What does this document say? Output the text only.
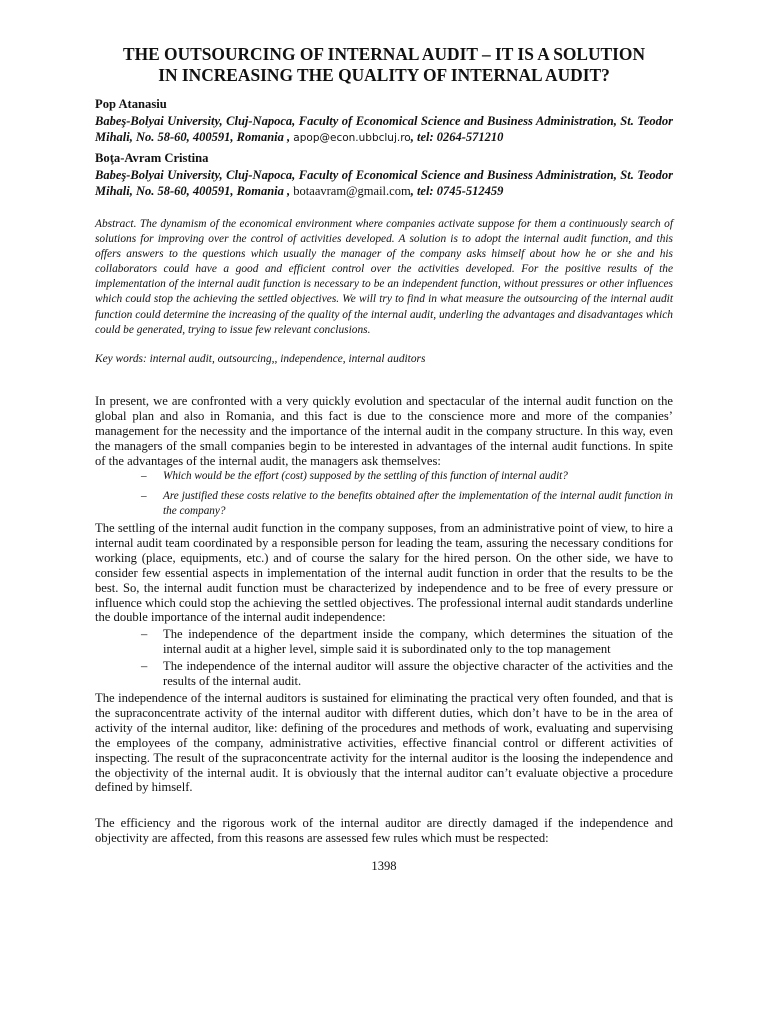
THE OUTSOURCING OF INTERNAL AUDIT – IT IS A SOLUTION
IN INCREASING THE QUALITY OF INTERNAL AUDIT?

Pop Atanasiu

Babeş-Bolyai University, Cluj-Napoca, Faculty of Economical Science and Business Administration, St. Teodor Mihali, No. 58-60, 400591, Romania , apop@econ.ubbcluj.ro, tel: 0264-571210

Boţa-Avram Cristina

Babeş-Bolyai University, Cluj-Napoca, Faculty of Economical Science and Business Administration, St. Teodor Mihali, No. 58-60, 400591, Romania , botaavram@gmail.com, tel: 0745-512459

Abstract. The dynamism of the economical environment where companies activate suppose for them a continuously search of solutions for improving over the control of activities developed. A solution is to adopt the internal audit function, and this offers answers to the questions which usually the manager of the company asks himself about how he or she and his collaborators could have a good and efficient control over the activities developed. For the positive results of the implementation of the internal audit function is necessary to be an independent function, without pressures or other influences which could stop the achieving the settled objectives. We will try to find in what measure the outsourcing of the internal audit function could determine the increasing of the quality of the internal audit, underling the advantages and disadvantages which could be generated, trying to issue few relevant conclusions.

Key words: internal audit, outsourcing,, independence, internal auditors

In present, we are confronted with a very quickly evolution and spectacular of the internal audit function on the global plan and also in Romania, and this fact is due to the conscience more and more of the companies’ management for the necessity and the importance of the internal audit in the company structure. In this way, even the managers of the small companies begin to be interested in advantages of the internal audit functions. In spite of the advantages of the internal audit, the managers ask themselves:

–	Which would be the effort (cost) supposed by the settling of this function of internal audit?
–	Are justified these costs relative to the benefits obtained after the implementation of the internal audit function in the company?

The settling of the internal audit function in the company supposes, from an administrative point of view, to hire a internal audit team coordinated by a responsible person for leading the team, assuring the necessary conditions for working (place, equipments, etc.) and of course the salary for the hired person. On the other side, we have to consider few essential aspects in implementation of the internal audit function in order that the results to be the best. So, the internal audit function must be characterized by independence and to be free of every pressure or influence which could stop the achieving the settled objectives. The professional internal audit standards underline the double importance of the internal audit independence:

–	The independence of the department inside the company, which determines the situation of the internal audit at a higher level, simple said it is subordinated only to the top management
–	The independence of the internal auditor will assure the objective character of the activities and the results of the internal audit.

The independence of the internal auditors is sustained for eliminating the practical very often founded, and that is the supraconcentrate activity of the internal auditor with different duties, which don’t have to be in the area of activity of the internal auditor, like: defining of the procedures and methods of work, evaluating and supervising the employees of the company, administrative activities, effective financial control or different activities of inspecting. The result of the supraconcentrate activity for the internal auditor is the loosing the independence and the objectivity of the internal audit. It is obviously that the internal auditor can’t evaluate objective a procedure defined by himself.

The efficiency and the rigorous work of the internal auditor are directly damaged if the independence and objectivity are affected, from this reasons are assessed few rules which must be respected:

1398
